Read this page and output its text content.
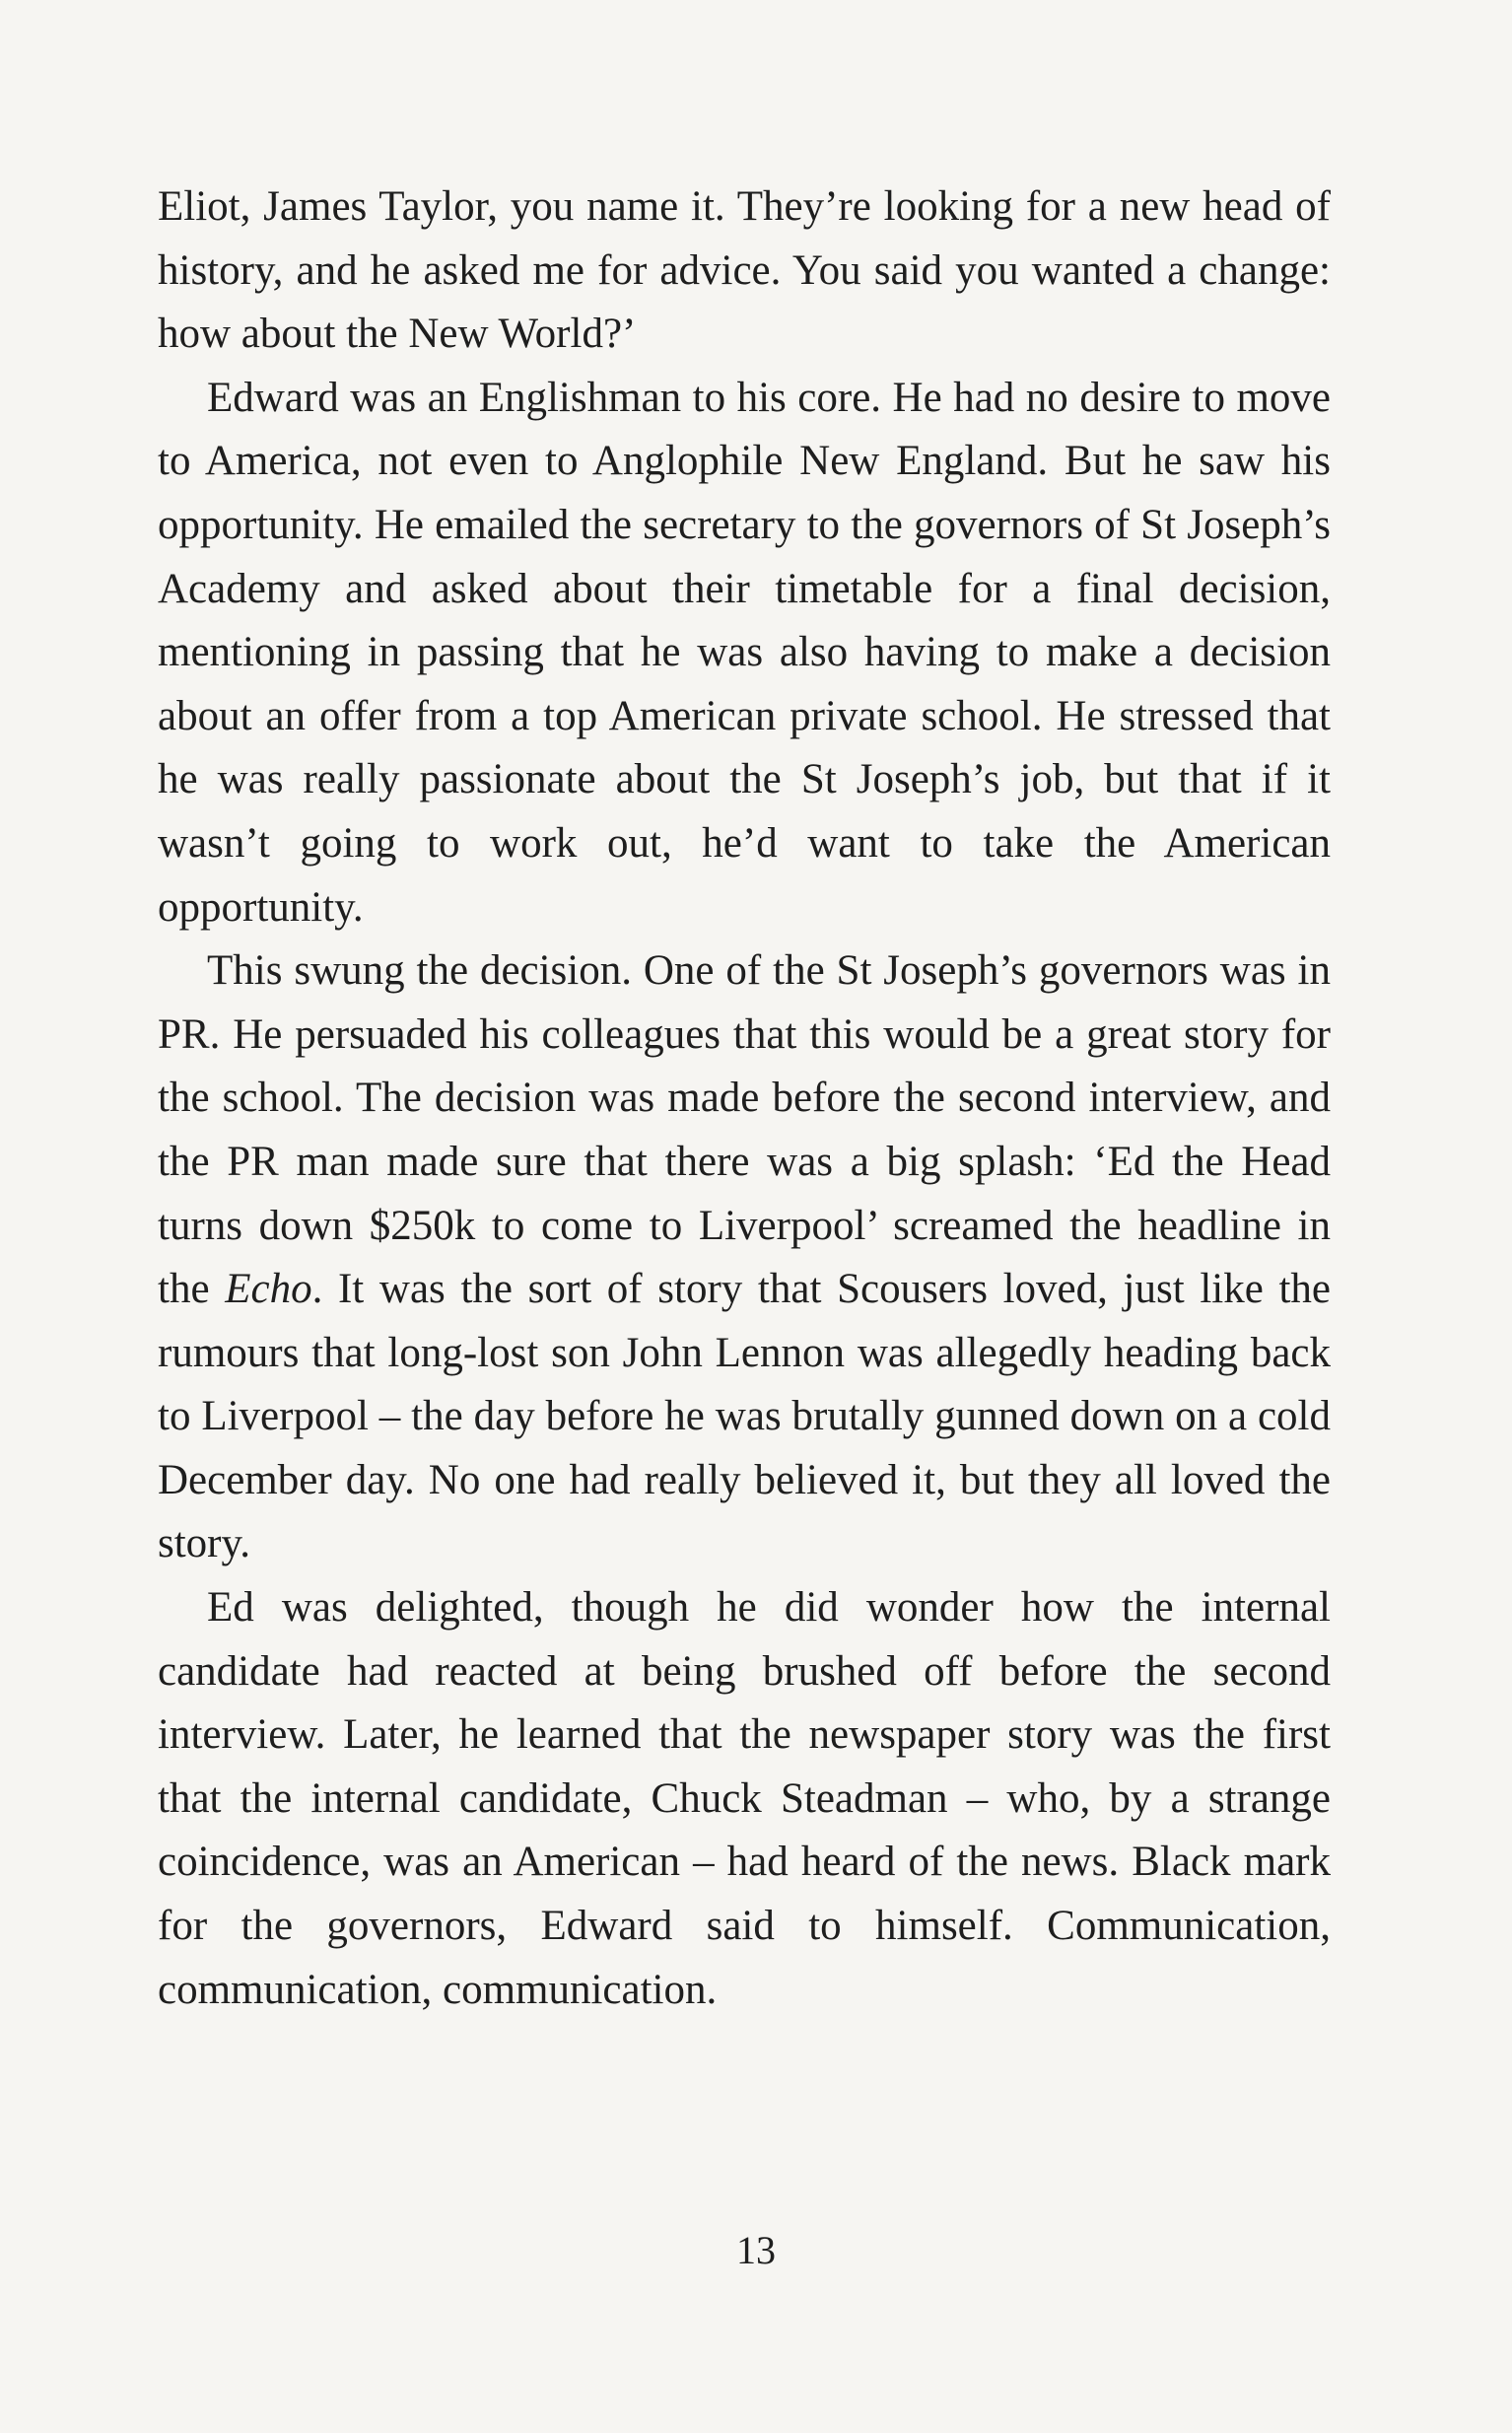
Eliot, James Taylor, you name it. They’re looking for a new head of history, and he asked me for advice. You said you wanted a change: how about the New World?’

Edward was an Englishman to his core. He had no desire to move to America, not even to Anglophile New England. But he saw his opportunity. He emailed the secretary to the governors of St Joseph’s Academy and asked about their timetable for a final decision, mentioning in passing that he was also having to make a decision about an offer from a top American private school. He stressed that he was really passionate about the St Joseph’s job, but that if it wasn’t going to work out, he’d want to take the American opportunity.

This swung the decision. One of the St Joseph’s governors was in PR. He persuaded his colleagues that this would be a great story for the school. The decision was made before the second interview, and the PR man made sure that there was a big splash: ‘Ed the Head turns down $250k to come to Liverpool’ screamed the headline in the Echo. It was the sort of story that Scousers loved, just like the rumours that long-lost son John Lennon was allegedly heading back to Liverpool – the day before he was brutally gunned down on a cold December day. No one had really believed it, but they all loved the story.

Ed was delighted, though he did wonder how the internal candidate had reacted at being brushed off before the second interview. Later, he learned that the newspaper story was the first that the internal candidate, Chuck Steadman – who, by a strange coincidence, was an American – had heard of the news. Black mark for the governors, Edward said to himself. Communication, communication, communication.

13
